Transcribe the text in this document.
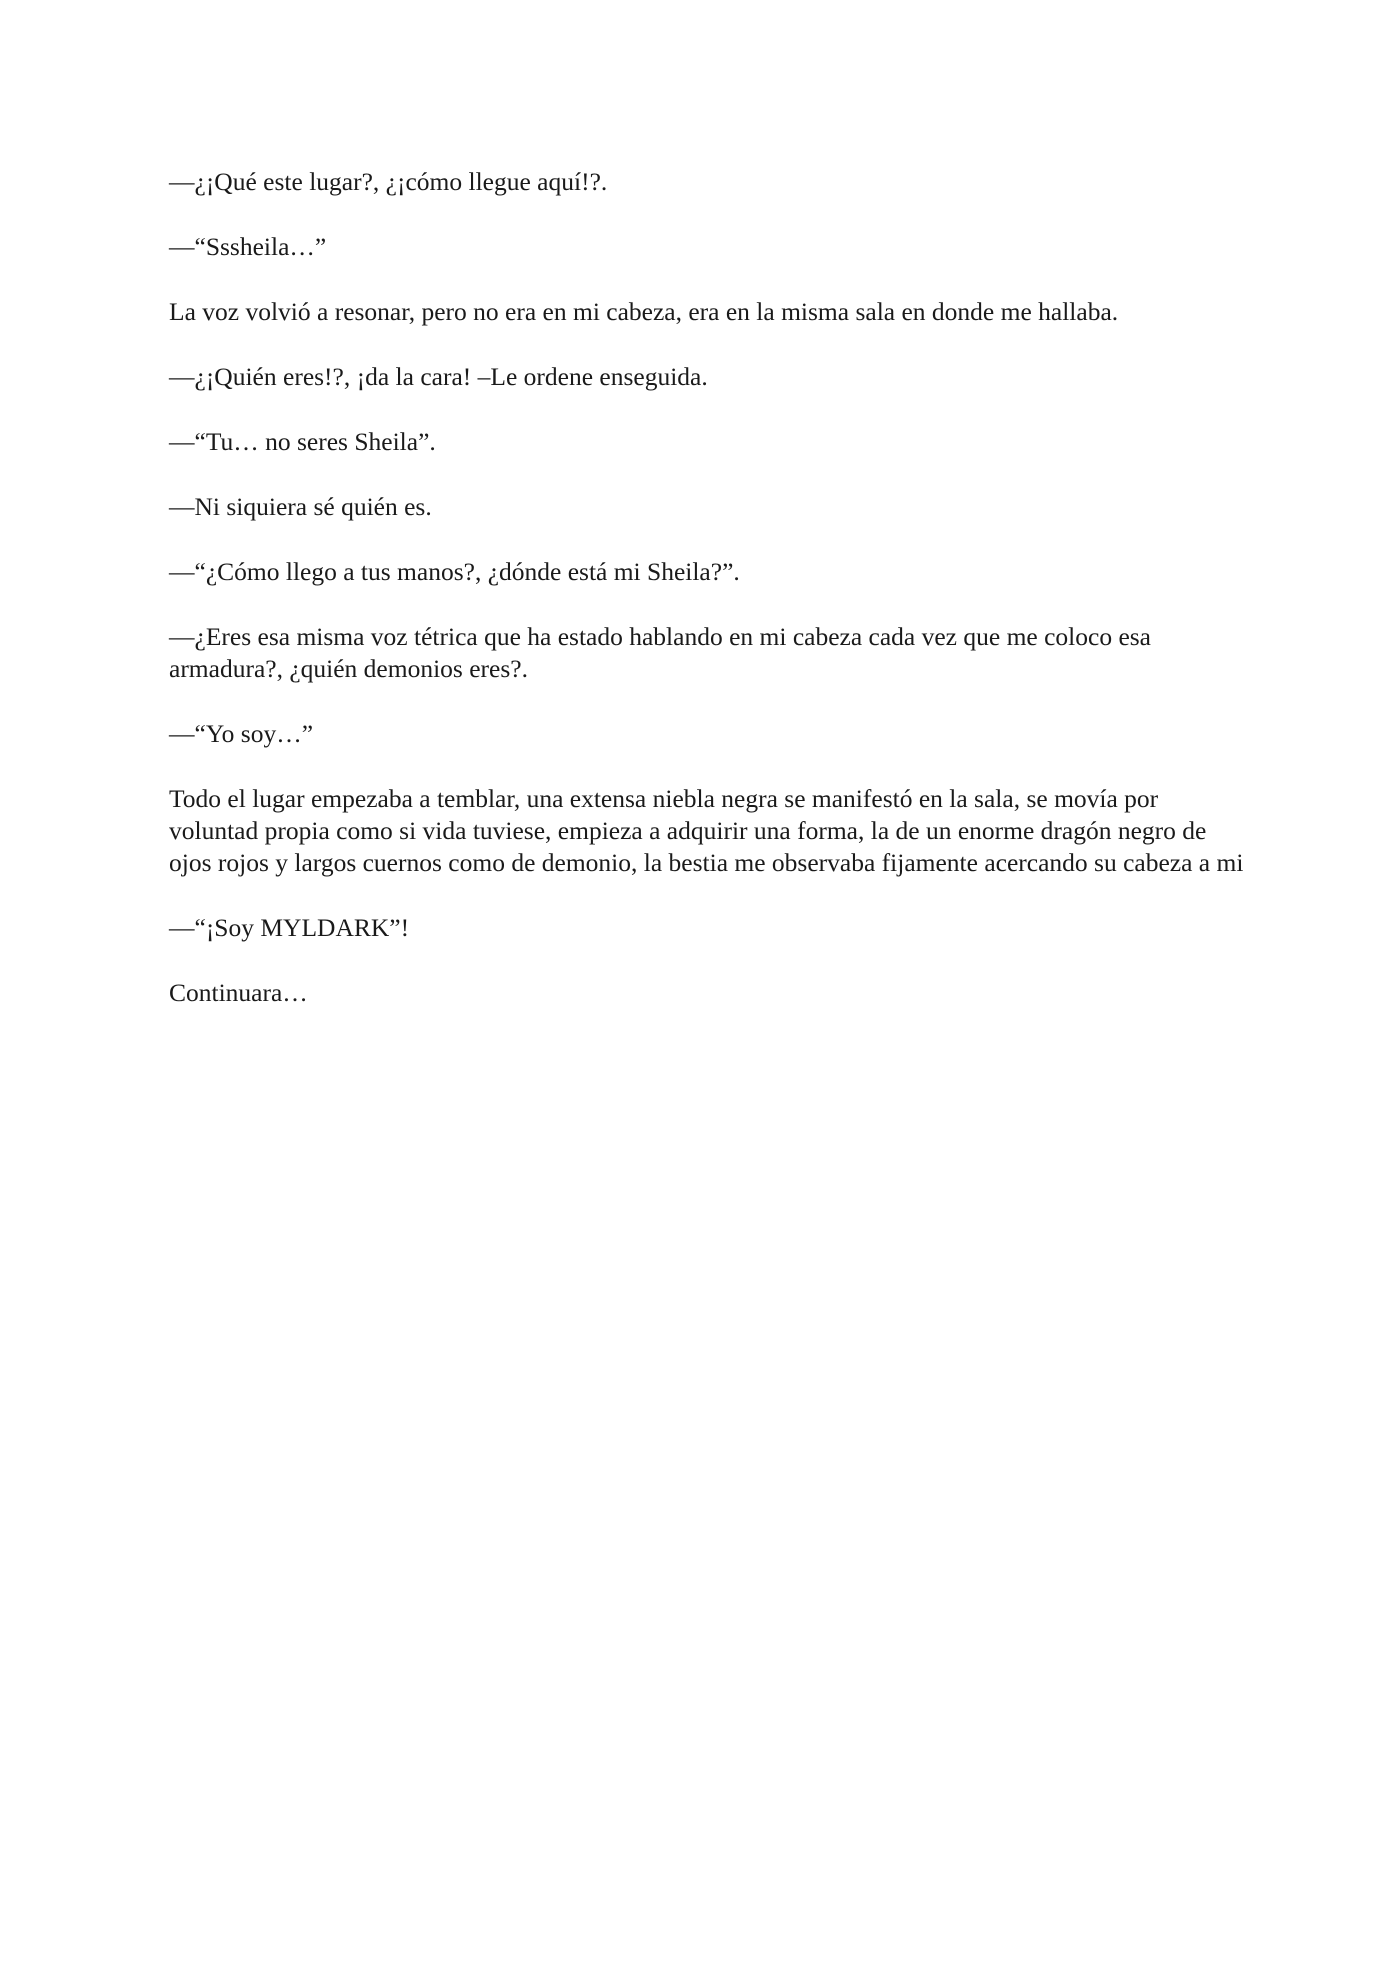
—¿¡Qué este lugar?, ¿¡cómo llegue aquí!?.

—“Sssheila…”

La voz volvió a resonar, pero no era en mi cabeza, era en la misma sala en donde me hallaba.

—¿¡Quién eres!?, ¡da la cara! –Le ordene enseguida.

—“Tu… no seres Sheila”.

—Ni siquiera sé quién es.

—“¿Cómo llego a tus manos?, ¿dónde está mi Sheila?”.

—¿Eres esa misma voz tétrica que ha estado hablando en mi cabeza cada vez que me coloco esa armadura?, ¿quién demonios eres?.

—“Yo soy…”

Todo el lugar empezaba a temblar, una extensa niebla negra se manifestó en la sala, se movía por voluntad propia como si vida tuviese, empieza a adquirir una forma, la de un enorme dragón negro de ojos rojos y largos cuernos como de demonio, la bestia me observaba fijamente acercando su cabeza a mi

—“¡Soy MYLDARK”!

Continuara…
